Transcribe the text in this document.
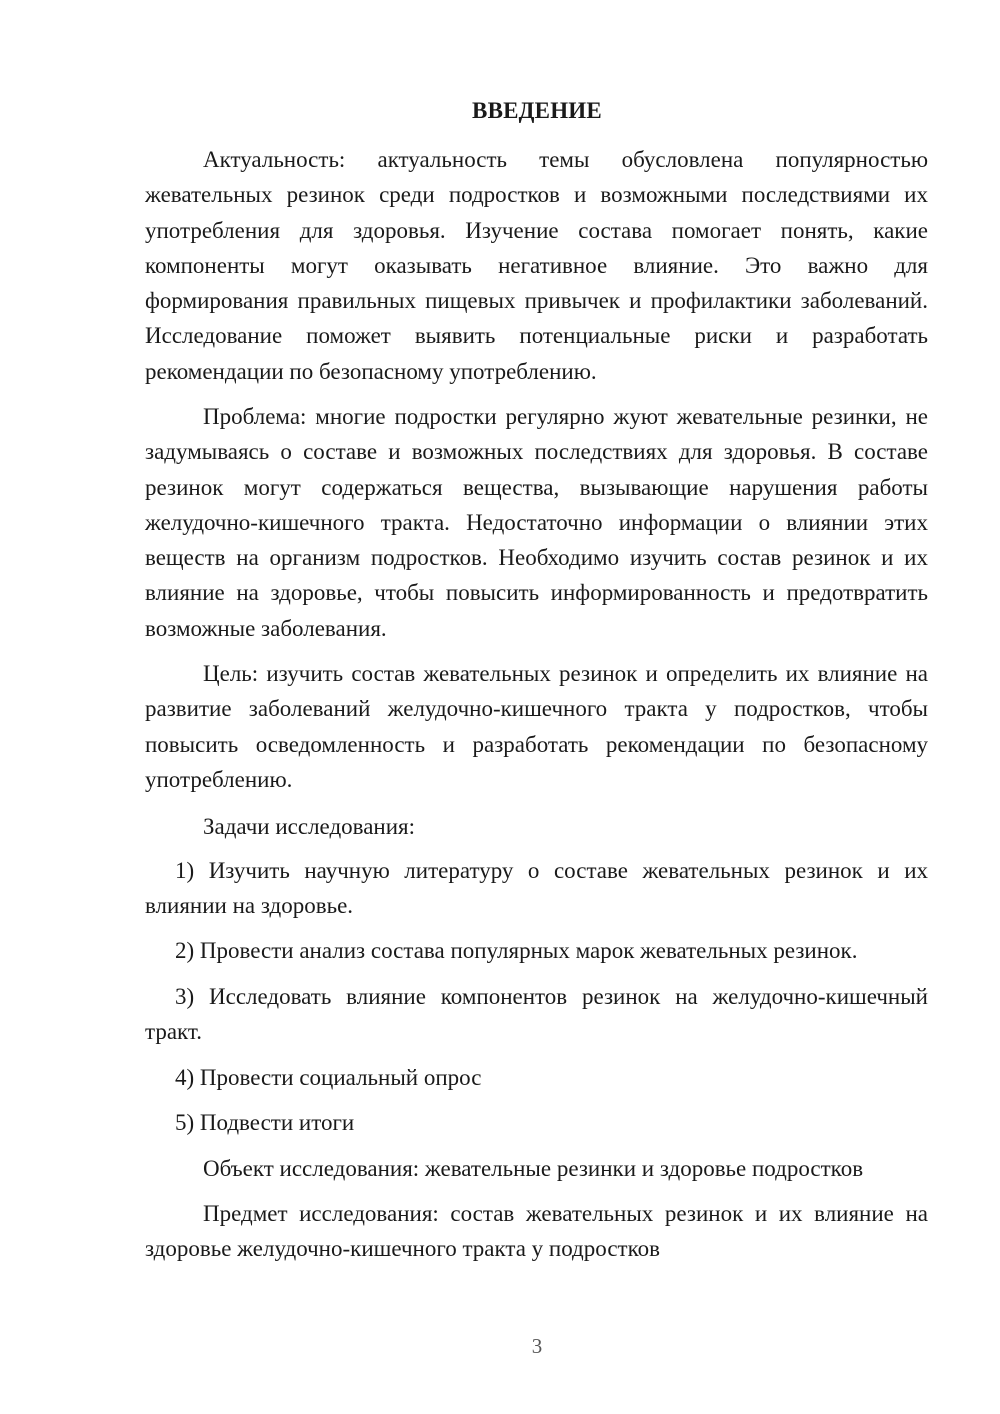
ВВЕДЕНИЕ

Актуальность: актуальность темы обусловлена популярностью жевательных резинок среди подростков и возможными последствиями их употребления для здоровья. Изучение состава помогает понять, какие компоненты могут оказывать негативное влияние. Это важно для формирования правильных пищевых привычек и профилактики заболеваний. Исследование поможет выявить потенциальные риски и разработать рекомендации по безопасному употреблению.

Проблема: многие подростки регулярно жуют жевательные резинки, не задумываясь о составе и возможных последствиях для здоровья. В составе резинок могут содержаться вещества, вызывающие нарушения работы желудочно-кишечного тракта. Недостаточно информации о влиянии этих веществ на организм подростков. Необходимо изучить состав резинок и их влияние на здоровье, чтобы повысить информированность и предотвратить возможные заболевания.

Цель: изучить состав жевательных резинок и определить их влияние на развитие заболеваний желудочно-кишечного тракта у подростков, чтобы повысить осведомленность и разработать рекомендации по безопасному употреблению.

Задачи исследования:

1) Изучить научную литературу о составе жевательных резинок и их влиянии на здоровье.

2) Провести анализ состава популярных марок жевательных резинок.

3) Исследовать влияние компонентов резинок на желудочно-кишечный тракт.

4) Провести социальный опрос

5) Подвести итоги

Объект исследования: жевательные резинки и здоровье подростков

Предмет исследования: состав жевательных резинок и их влияние на здоровье желудочно-кишечного тракта у подростков

3
